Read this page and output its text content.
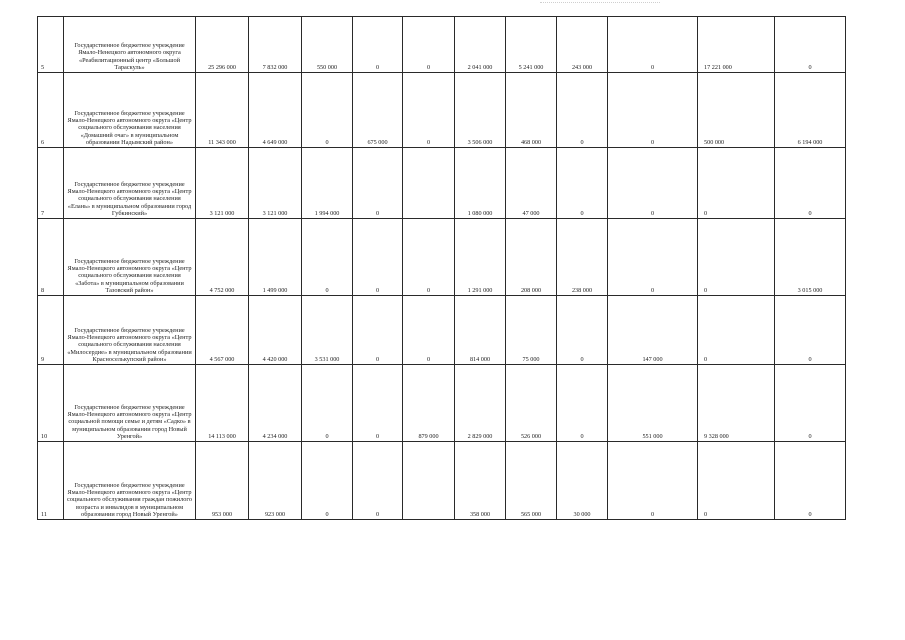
5	Государственное бюджетное учреждение Ямало-Ненецкого автономного округа «Реабилитационный центр «Большой Тараскуль»	25 296 000	7 832 000	550 000	0	0	2 041 000	5 241 000	243 000	0	17 221 000	0
6	Государственное бюджетное учреждение Ямало-Ненецкого автономного округа «Центр социального обслуживания населения «Домашний очаг» в муниципальном образовании Надымский район»	11 343 000	4 649 000	0	675 000	0	3 506 000	468 000	0	0	500 000	6 194 000
7	Государственное бюджетное учреждение Ямало-Ненецкого автономного округа «Центр социального обслуживания населения «Елань» в муниципальном образовании город Губкинский»	3 121 000	3 121 000	1 994 000	0		1 080 000	47 000	0	0	0	0
8	Государственное бюджетное учреждение Ямало-Ненецкого автономного округа «Центр социального обслуживания населения «Забота» в муниципальном образовании Тазовский район»	4 752 000	1 499 000	0	0	0	1 291 000	208 000	238 000	0	0	3 015 000
9	Государственное бюджетное учреждение Ямало-Ненецкого автономного округа «Центр социального обслуживания населения «Милосердие» в муниципальном образовании Красноселькупский район»	4 567 000	4 420 000	3 531 000	0	0	814 000	75 000	0	147 000	0	0
10	Государственное бюджетное учреждение Ямало-Ненецкого автономного округа «Центр социальной помощи семье и детям «Садко» в муниципальном образовании город Новый Уренгой»	14 113 000	4 234 000	0	0	879 000	2 829 000	526 000	0	551 000	9 328 000	0
11	Государственное бюджетное учреждение Ямало-Ненецкого автономного округа «Центр социального обслуживания граждан пожилого возраста и инвалидов в муниципальном образовании город Новый Уренгой»	953 000	923 000	0	0		358 000	565 000	30 000	0	0	0
